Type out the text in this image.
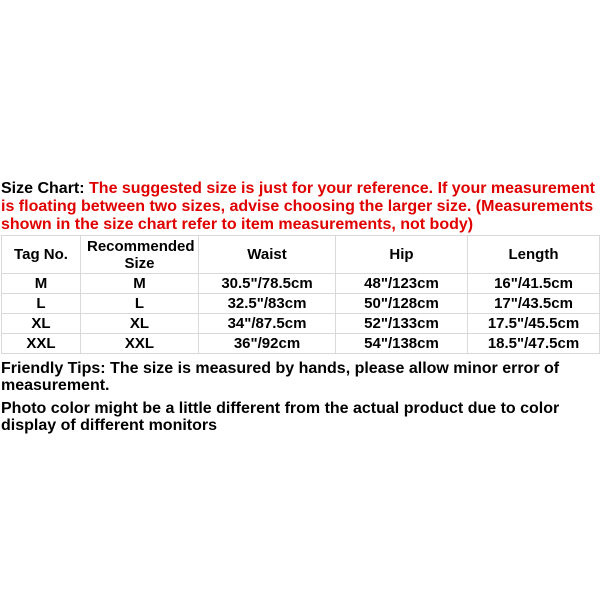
Size Chart: The suggested size is just for your reference. If your measurement is floating between two sizes, advise choosing the larger size. (Measurements shown in the size chart refer to item measurements, not body)

Tag No.	Recommended Size	Waist	Hip	Length
M	M	30.5"/78.5cm	48"/123cm	16"/41.5cm
L	L	32.5"/83cm	50"/128cm	17"/43.5cm
XL	XL	34"/87.5cm	52"/133cm	17.5"/45.5cm
XXL	XXL	36"/92cm	54"/138cm	18.5"/47.5cm

Friendly Tips: The size is measured by hands, please allow minor error of measurement.

Photo color might be a little different from the actual product due to color display of different monitors
